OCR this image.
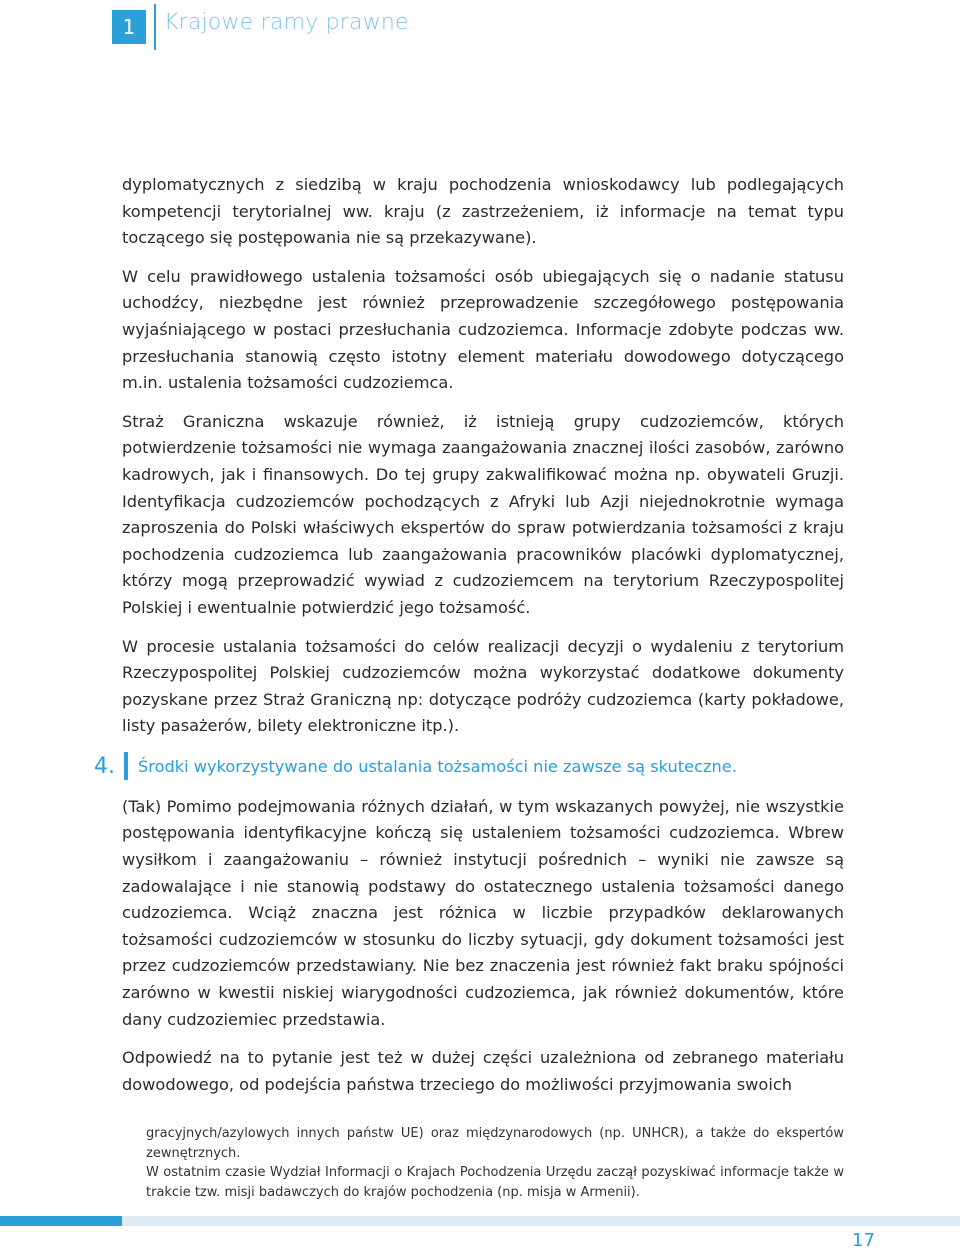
1 Krajowe ramy prawne

dyplomatycznych z siedzibą w kraju pochodzenia wnioskodawcy lub podlegających kompetencji terytorialnej ww. kraju (z zastrzeżeniem, iż informacje na temat typu toczącego się postępowania nie są przekazywane).

W celu prawidłowego ustalenia tożsamości osób ubiegających się o nadanie statusu uchodźcy, niezbędne jest również przeprowadzenie szczegółowego postępowania wyjaśniającego w postaci przesłuchania cudzoziemca. Informacje zdobyte podczas ww. przesłuchania stanowią często istotny element materiału dowodowego dotyczącego m.in. ustalenia tożsamości cudzoziemca.

Straż Graniczna wskazuje również, iż istnieją grupy cudzoziemców, których potwierdzenie tożsamości nie wymaga zaangażowania znacznej ilości zasobów, zarówno kadrowych, jak i finansowych. Do tej grupy zakwalifikować można np. obywateli Gruzji. Identyfikacja cudzoziemców pochodzących z Afryki lub Azji niejednokrotnie wymaga zaproszenia do Polski właściwych ekspertów do spraw potwierdzania tożsamości z kraju pochodzenia cudzoziemca lub zaangażowania pracowników placówki dyplomatycznej, którzy mogą przeprowadzić wywiad z cudzoziemcem na terytorium Rzeczypospolitej Polskiej i ewentualnie potwierdzić jego tożsamość.

W procesie ustalania tożsamości do celów realizacji decyzji o wydaleniu z terytorium Rzeczypospolitej Polskiej cudzoziemców można wykorzystać dodatkowe dokumenty pozyskane przez Straż Graniczną np: dotyczące podróży cudzoziemca (karty pokładowe, listy pasażerów, bilety elektroniczne itp.).

4. Środki wykorzystywane do ustalania tożsamości nie zawsze są skuteczne.

(Tak) Pomimo podejmowania różnych działań, w tym wskazanych powyżej, nie wszystkie postępowania identyfikacyjne kończą się ustaleniem tożsamości cudzoziemca. Wbrew wysiłkom i zaangażowaniu – również instytucji pośrednich – wyniki nie zawsze są zadowalające i nie stanowią podstawy do ostatecznego ustalenia tożsamości danego cudzoziemca. Wciąż znaczna jest różnica w liczbie przypadków deklarowanych tożsamości cudzoziemców w stosunku do liczby sytuacji, gdy dokument tożsamości jest przez cudzoziemców przedstawiany. Nie bez znaczenia jest również fakt braku spójności zarówno w kwestii niskiej wiarygodności cudzoziemca, jak również dokumentów, które dany cudzoziemiec przedstawia.

Odpowiedź na to pytanie jest też w dużej części uzależniona od zebranego materiału dowodowego, od podejścia państwa trzeciego do możliwości przyjmowania swoich

gracyjnych/azylowych innych państw UE) oraz międzynarodowych (np. UNHCR), a także do ekspertów zewnętrznych.

W ostatnim czasie Wydział Informacji o Krajach Pochodzenia Urzędu zaczął pozyskiwać informacje także w trakcie tzw. misji badawczych do krajów pochodzenia (np. misja w Armenii).

17
